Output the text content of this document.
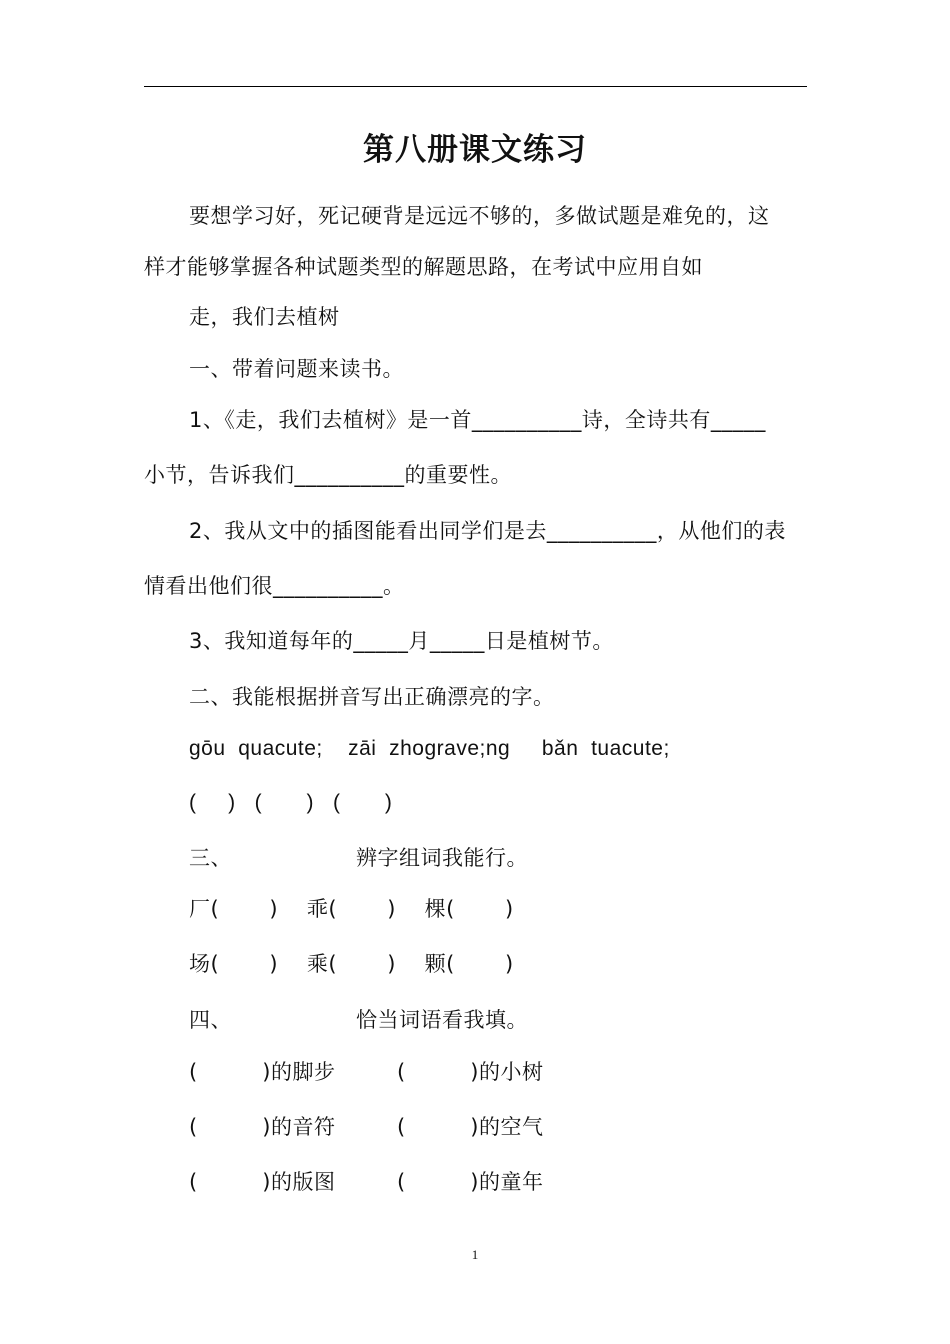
第八册课文练习
要想学习好，死记硬背是远远不够的，多做试题是难免的，这
样才能够掌握各种试题类型的解题思路，在考试中应用自如
走，我们去植树
一、带着问题来读书。
1、《走，我们去植树》是一首__________诗，全诗共有_____
小节，告诉我们__________的重要性。
2、我从文中的插图能看出同学们是去__________，从他们的表
情看出他们很__________。
3、我知道每年的_____月_____日是植树节。
二、我能根据拼音写出正确漂亮的字。
gōu  quacute;    zāi  zhograve;ng     bǎn  tuacute;
(     )   (       )   (       )
三、	辨字组词我能行。
厂(       )    乖(       )    棵(       )
场(       )    乘(       )    颗(       )
四、	恰当词语看我填。
(         )的脚步	(         )的小树
(         )的音符	(         )的空气
(         )的版图	(         )的童年
1
